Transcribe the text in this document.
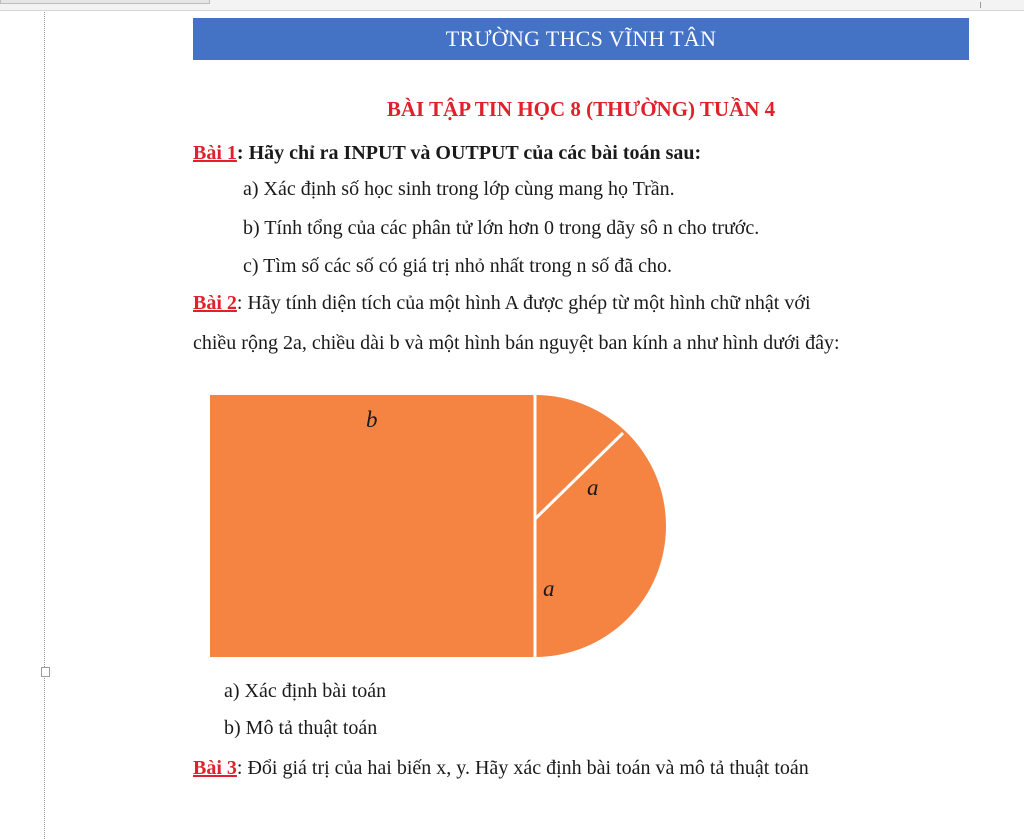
TRƯỜNG THCS VĨNH TÂN
BÀI TẬP TIN HỌC 8 (THƯỜNG) TUẦN 4
Bài 1: Hãy chỉ ra INPUT và OUTPUT của các bài toán sau:
a) Xác định số học sinh trong lớp cùng mang họ Trần.
b) Tính tổng của các phân tử lớn hơn 0 trong dãy sô n cho trước.
c) Tìm số các số có giá trị nhỏ nhất trong n số đã cho.
Bài 2: Hãy tính diện tích của một hình A được ghép từ một hình chữ nhật với
chiều rộng 2a, chiều dài b và một hình bán nguyệt ban kính a như hình dưới đây:
b
a
a
a) Xác định bài toán
b) Mô tả thuật toán
Bài 3: Đổi giá trị của hai biến x, y. Hãy xác định bài toán và mô tả thuật toán
